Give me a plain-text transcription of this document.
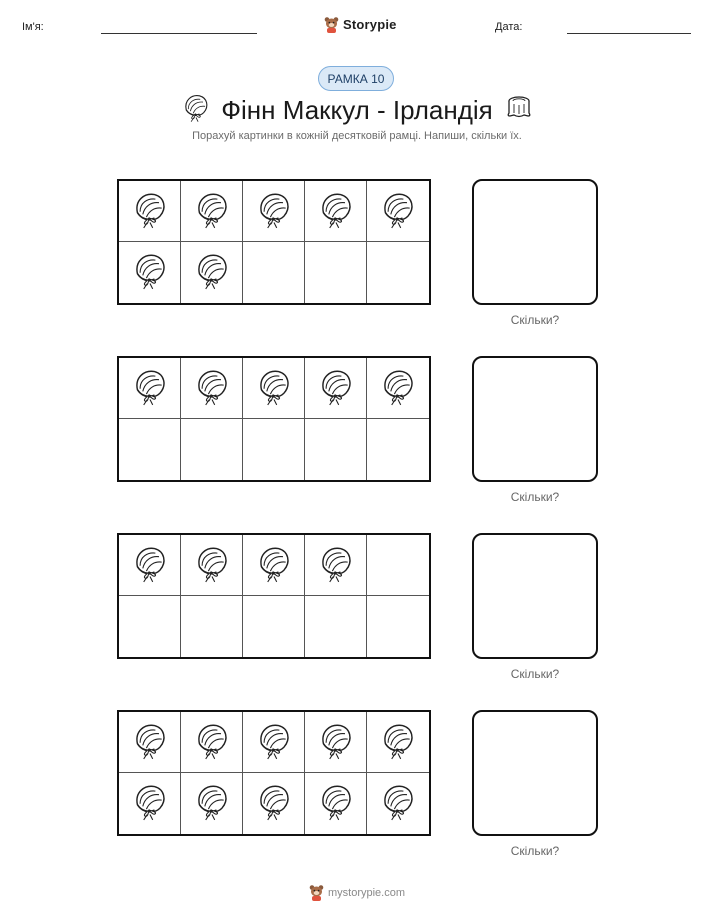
Ім'я:	Storypie	Дата:
РАМКА 10
Фінн Маккул - Ірландія
Порахуй картинки в кожній десятковій рамці. Напиши, скільки їх.
Скільки?
Скільки?
Скільки?
Скільки?
mystorypie.com
